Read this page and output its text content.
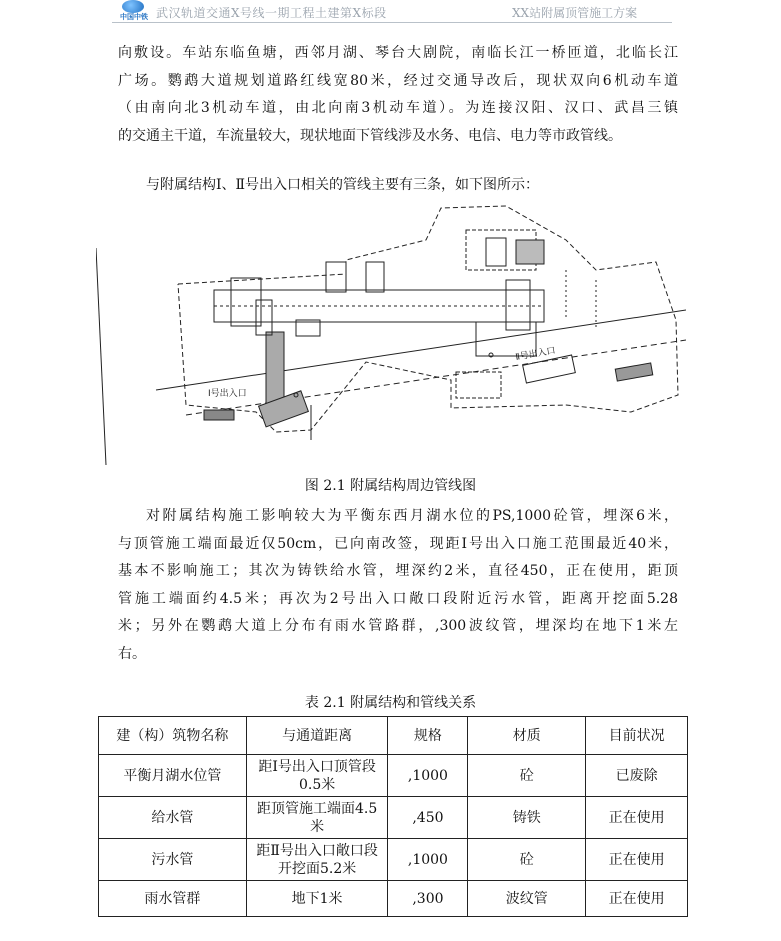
中国中铁 武汉轨道交通X号线一期工程土建第X标段	XX站附属顶管施工方案
向敷设。车站东临鱼塘，西邻月湖、琴台大剧院，南临长江一桥匝道，北临长江
广场。鹦鹉大道规划道路红线宽80米，经过交通导改后，现状双向6机动车道
（由南向北3机动车道，由北向南3机动车道）。为连接汉阳、汉口、武昌三镇
的交通主干道，车流量较大，现状地面下管线涉及水务、电信、电力等市政管线。
与附属结构Ⅰ、Ⅱ号出入口相关的管线主要有三条，如下图所示：
Ⅰ号出入口
Ⅱ号出入口
图 2.1 附属结构周边管线图
对附属结构施工影响较大为平衡东西月湖水位的PS,1000砼管，埋深6米，
与顶管施工端面最近仅50cm，已向南改签，现距Ⅰ号出入口施工范围最近40米，
基本不影响施工；其次为铸铁给水管，埋深约2米，直径450，正在使用，距顶
管施工端面约4.5米；再次为2号出入口敞口段附近污水管，距离开挖面5.28
米；另外在鹦鹉大道上分布有雨水管路群，,300波纹管，埋深均在地下1米左
右。
表 2.1 附属结构和管线关系
建（构）筑物名称	与通道距离	规格	材质	目前状况
平衡月湖水位管	距Ⅰ号出入口顶管段0.5米	,1000	砼	已废除
给水管	距顶管施工端面4.5米	,450	铸铁	正在使用
污水管	距Ⅱ号出入口敞口段开挖面5.2米	,1000	砼	正在使用
雨水管群	地下1米	,300	波纹管	正在使用
